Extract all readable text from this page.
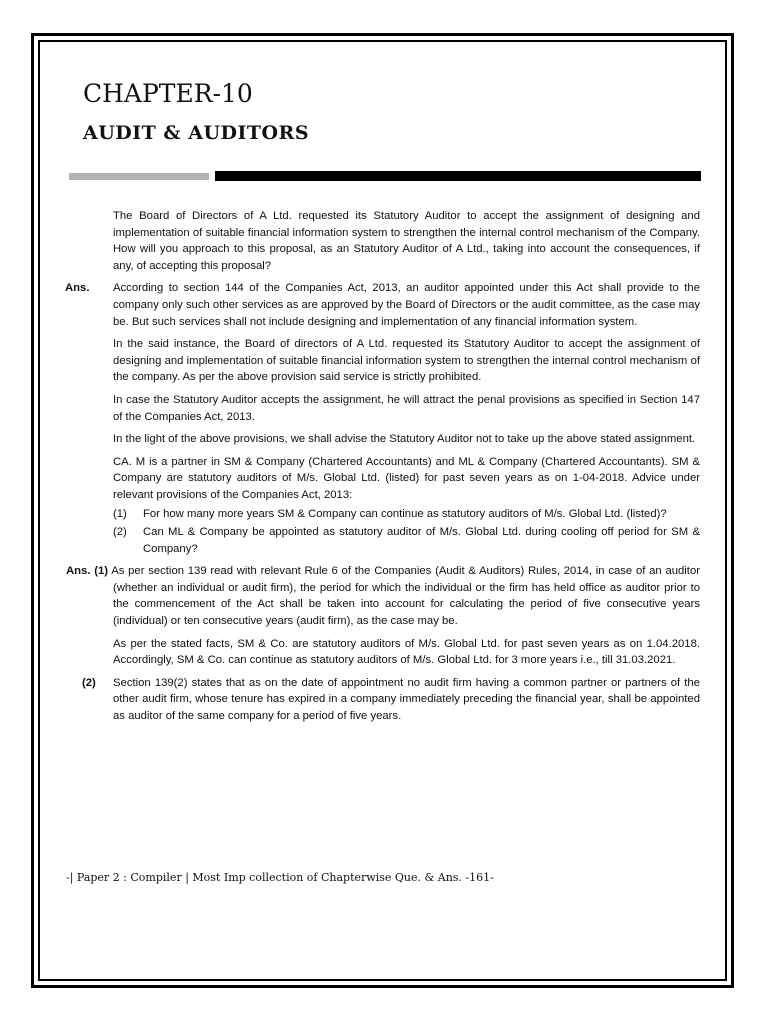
CHAPTER-10
AUDIT & AUDITORS
The Board of Directors of A Ltd. requested its Statutory Auditor to accept the assignment of designing and implementation of suitable financial information system to strengthen the internal control mechanism of the Company. How will you approach to this proposal, as an Statutory Auditor of A Ltd., taking into account the consequences, if any, of accepting this proposal?
Ans. According to section 144 of the Companies Act, 2013, an auditor appointed under this Act shall provide to the company only such other services as are approved by the Board of Directors or the audit committee, as the case may be. But such services shall not include designing and implementation of any financial information system.
In the said instance, the Board of directors of A Ltd. requested its Statutory Auditor to accept the assignment of designing and implementation of suitable financial information system to strengthen the internal control mechanism of the company. As per the above provision said service is strictly prohibited.
In case the Statutory Auditor accepts the assignment, he will attract the penal provisions as specified in Section 147 of the Companies Act, 2013.
In the light of the above provisions, we shall advise the Statutory Auditor not to take up the above stated assignment.
CA. M is a partner in SM & Company (Chartered Accountants) and ML & Company (Chartered Accountants). SM & Company are statutory auditors of M/s. Global Ltd. (listed) for past seven years as on 1-04-2018. Advice under relevant provisions of the Companies Act, 2013:
(1)	For how many more years SM & Company can continue as statutory auditors of M/s. Global Ltd. (listed)?
(2)	Can ML & Company be appointed as statutory auditor of M/s. Global Ltd. during cooling off period for SM & Company?
Ans. (1) As per section 139 read with relevant Rule 6 of the Companies (Audit & Auditors) Rules, 2014, in case of an auditor (whether an individual or audit firm), the period for which the individual or the firm has held office as auditor prior to the commencement of the Act shall be taken into account for calculating the period of five consecutive years (individual) or ten consecutive years (audit firm), as the case may be.
As per the stated facts, SM & Co. are statutory auditors of M/s. Global Ltd. for past seven years as on 1.04.2018. Accordingly, SM & Co. can continue as statutory auditors of M/s. Global Ltd. for 3 more years i.e., till 31.03.2021.
(2) Section 139(2) states that as on the date of appointment no audit firm having a common partner or partners of the other audit firm, whose tenure has expired in a company immediately preceding the financial year, shall be appointed as auditor of the same company for a period of five years.
-| Paper 2 : Compiler | Most Imp collection of Chapterwise Que. & Ans. -161-
